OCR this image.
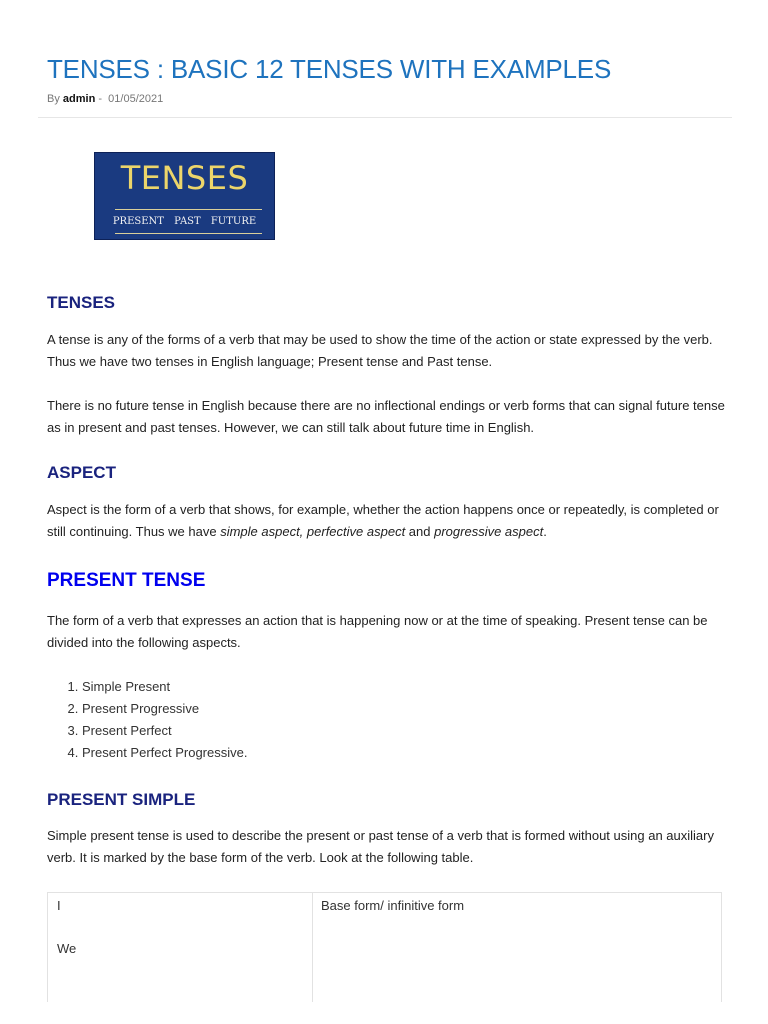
TENSES : BASIC 12 TENSES WITH EXAMPLES
By admin - 01/05/2021
TENSES
PRESENT PAST FUTURE
TENSES

A tense is any of the forms of a verb that may be used to show the time of the action or state expressed by the verb. Thus we have two tenses in English language; Present tense and Past tense.

There is no future tense in English because there are no inflectional endings or verb forms that can signal future tense as in present and past tenses. However, we can still talk about future time in English.

ASPECT

Aspect is the form of a verb that shows, for example, whether the action happens once or repeatedly, is completed or still continuing. Thus we have simple aspect, perfective aspect and progressive aspect.

PRESENT TENSE

The form of a verb that expresses an action that is happening now or at the time of speaking. Present tense can be divided into the following aspects.

1. Simple Present
2. Present Progressive
3. Present Perfect
4. Present Perfect Progressive.
PRESENT SIMPLE

Simple present tense is used to describe the present or past tense of a verb that is formed without using an auxiliary verb. It is marked by the base form of the verb. Look at the following table.

I
We
Base form/ infinitive form
